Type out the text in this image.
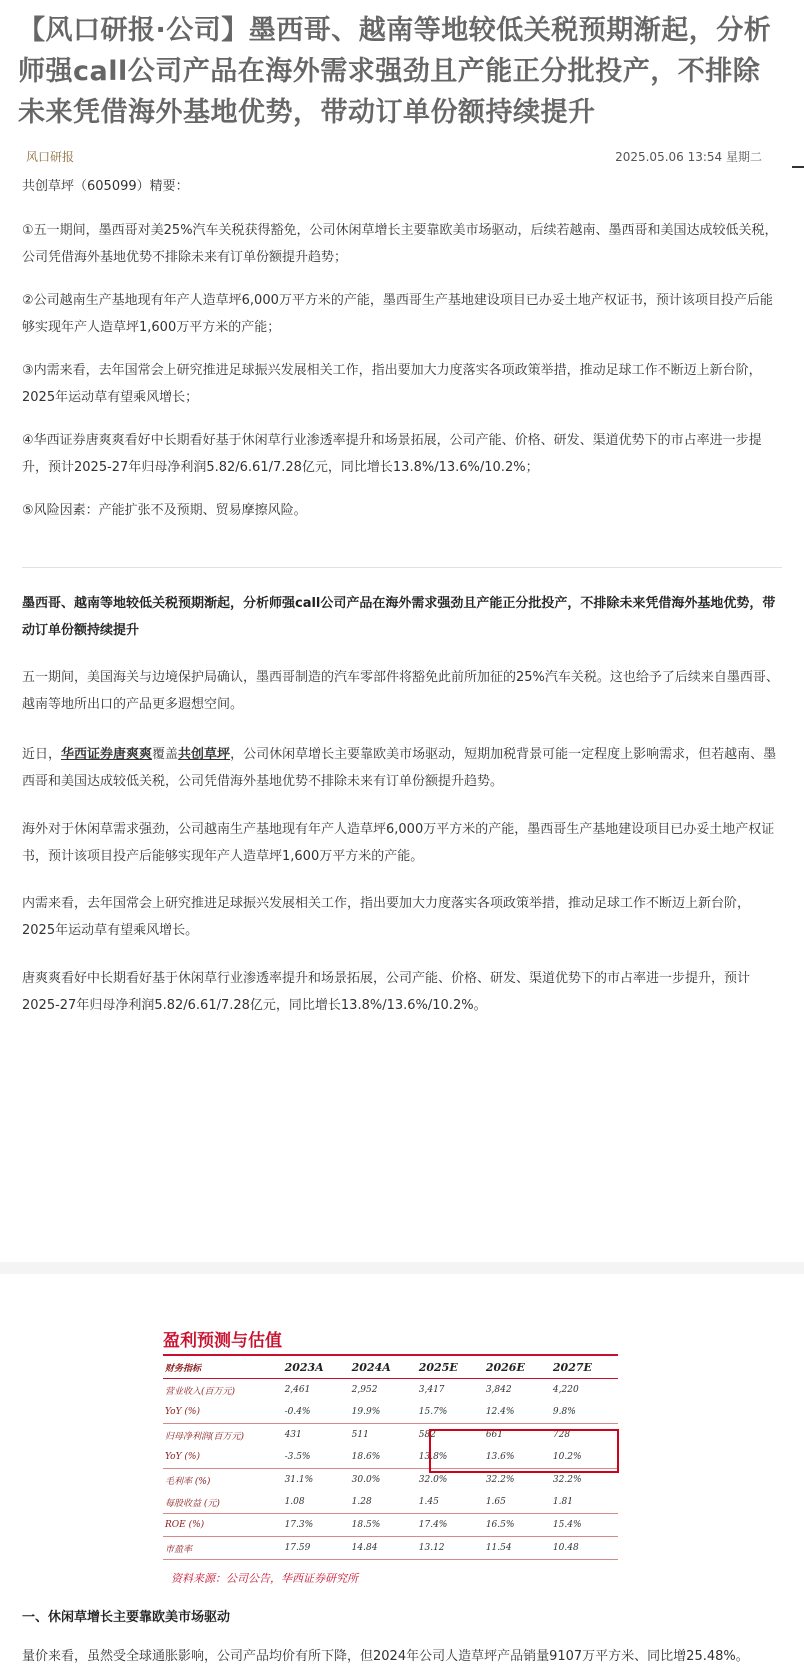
【风口研报·公司】墨西哥、越南等地较低关税预期渐起，分析师强call公司产品在海外需求强劲且产能正分批投产，不排除未来凭借海外基地优势，带动订单份额持续提升
风口研报	2025.05.06 13:54 星期二
共创草坪（605099）精要：
①五一期间，墨西哥对美25%汽车关税获得豁免，公司休闲草增长主要靠欧美市场驱动，后续若越南、墨西哥和美国达成较低关税，公司凭借海外基地优势不排除未来有订单份额提升趋势；
②公司越南生产基地现有年产人造草坪6,000万平方米的产能，墨西哥生产基地建设项目已办妥土地产权证书，预计该项目投产后能够实现年产人造草坪1,600万平方米的产能；
③内需来看，去年国常会上研究推进足球振兴发展相关工作，指出要加大力度落实各项政策举措，推动足球工作不断迈上新台阶，2025年运动草有望乘风增长；
④华西证券唐爽爽看好中长期看好基于休闲草行业渗透率提升和场景拓展，公司产能、价格、研发、渠道优势下的市占率进一步提升，预计2025-27年归母净利润5.82/6.61/7.28亿元，同比增长13.8%/13.6%/10.2%；
⑤风险因素：产能扩张不及预期、贸易摩擦风险。
墨西哥、越南等地较低关税预期渐起，分析师强call公司产品在海外需求强劲且产能正分批投产，不排除未来凭借海外基地优势，带动订单份额持续提升
五一期间，美国海关与边境保护局确认，墨西哥制造的汽车零部件将豁免此前所加征的25%汽车关税。这也给予了后续来自墨西哥、越南等地所出口的产品更多遐想空间。
近日，华西证券唐爽爽覆盖共创草坪，公司休闲草增长主要靠欧美市场驱动，短期加税背景可能一定程度上影响需求，但若越南、墨西哥和美国达成较低关税，公司凭借海外基地优势不排除未来有订单份额提升趋势。
海外对于休闲草需求强劲，公司越南生产基地现有年产人造草坪6,000万平方米的产能，墨西哥生产基地建设项目已办妥土地产权证书，预计该项目投产后能够实现年产人造草坪1,600万平方米的产能。
内需来看，去年国常会上研究推进足球振兴发展相关工作，指出要加大力度落实各项政策举措，推动足球工作不断迈上新台阶，2025年运动草有望乘风增长。
唐爽爽看好中长期看好基于休闲草行业渗透率提升和场景拓展，公司产能、价格、研发、渠道优势下的市占率进一步提升，预计2025-27年归母净利润5.82/6.61/7.28亿元，同比增长13.8%/13.6%/10.2%。
盈利预测与估值
财务指标	2023A	2024A	2025E	2026E	2027E
营业收入(百万元)	2,461	2,952	3,417	3,842	4,220
YoY (%)	-0.4%	19.9%	15.7%	12.4%	9.8%
归母净利润(百万元)	431	511	582	661	728
YoY (%)	-3.5%	18.6%	13.8%	13.6%	10.2%
毛利率 (%)	31.1%	30.0%	32.0%	32.2%	32.2%
每股收益 (元)	1.08	1.28	1.45	1.65	1.81
ROE (%)	17.3%	18.5%	17.4%	16.5%	15.4%
市盈率	17.59	14.84	13.12	11.54	10.48
资料来源：公司公告，华西证券研究所
一、休闲草增长主要靠欧美市场驱动
量价来看，虽然受全球通胀影响，公司产品均价有所下降，但2024年公司人造草坪产品销量9107万平方米、同比增25.48%。
